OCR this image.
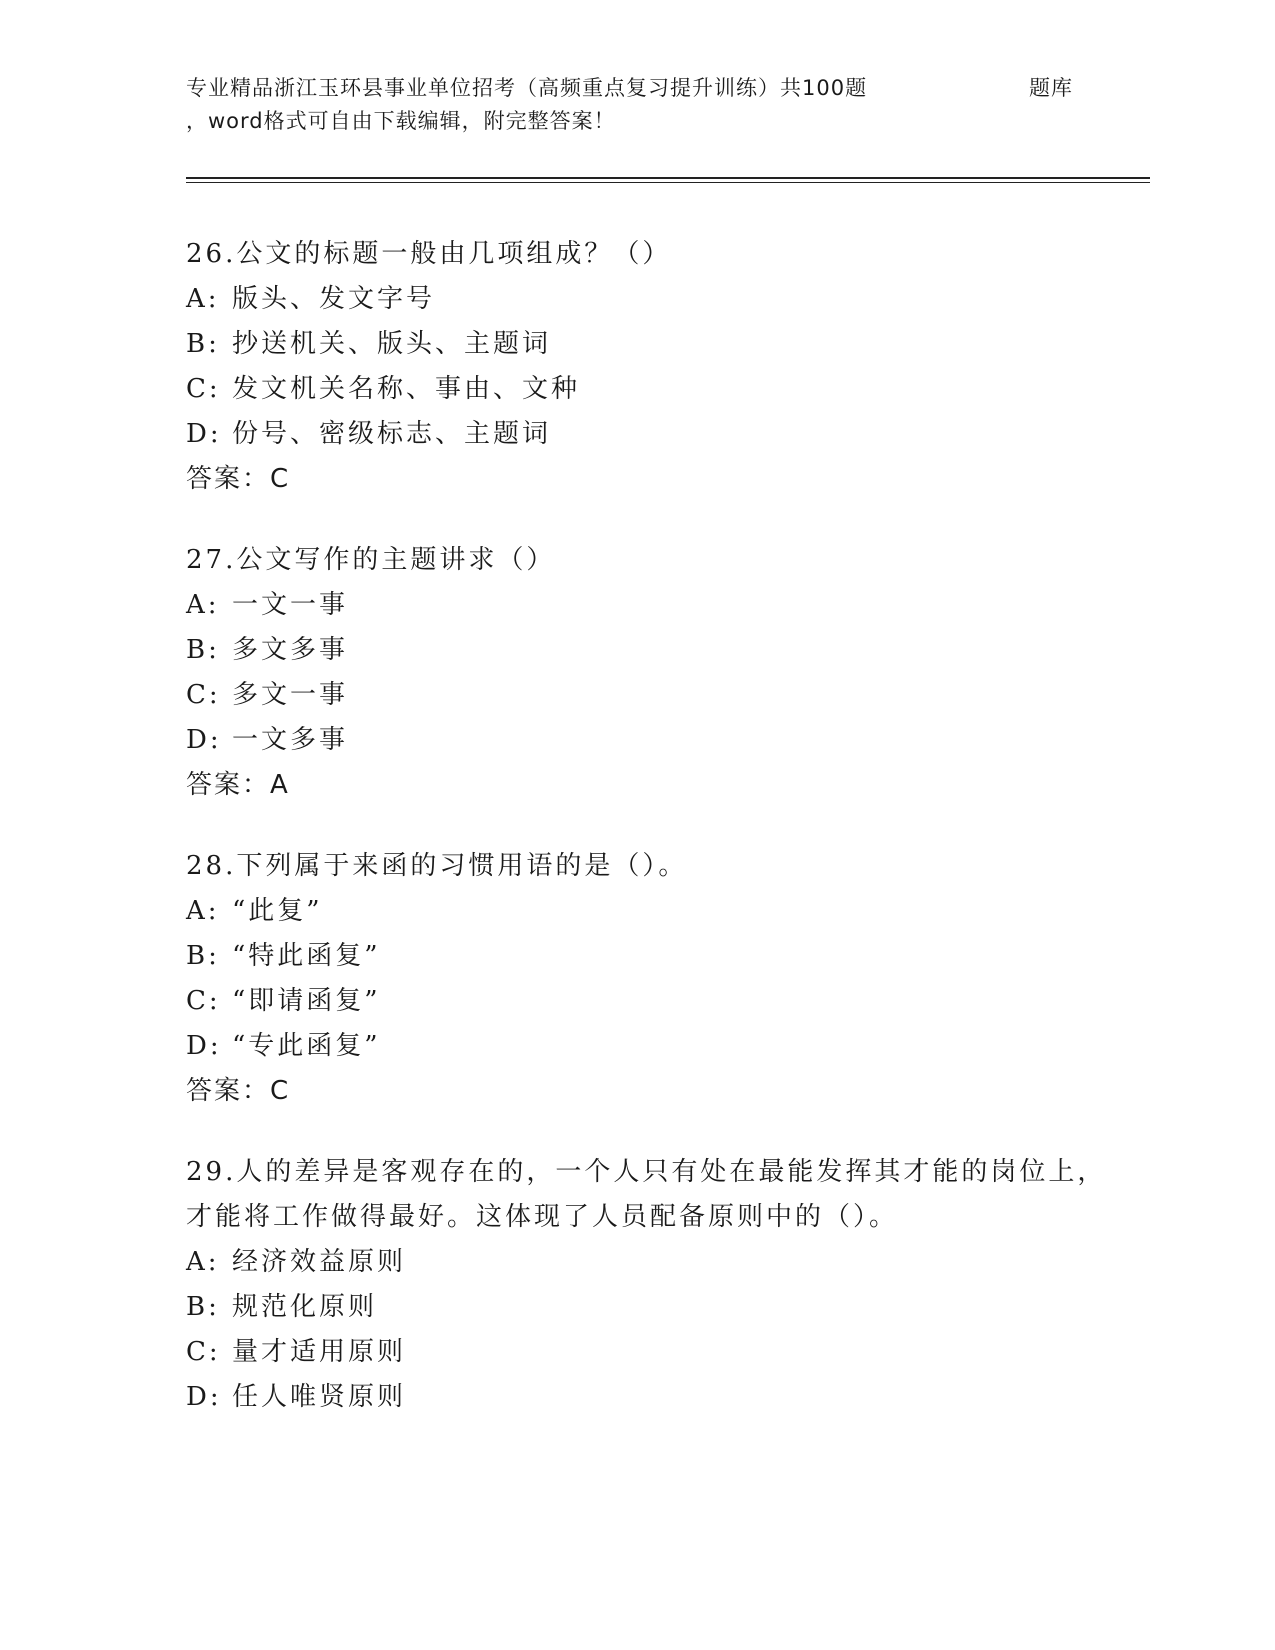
专业精品浙江玉环县事业单位招考（高频重点复习提升训练）共100题	题库
，word格式可自由下载编辑，附完整答案！

26.公文的标题一般由几项组成？（）

A: 版头、发文字号
B: 抄送机关、版头、主题词
C: 发文机关名称、事由、文种
D: 份号、密级标志、主题词
答案：C

27.公文写作的主题讲求（）

A: 一文一事
B: 多文多事
C: 多文一事
D: 一文多事
答案：A

28.下列属于来函的习惯用语的是（）。

A: “此复”
B: “特此函复”
C: “即请函复”
D: “专此函复”
答案：C

29.人的差异是客观存在的，一个人只有处在最能发挥其才能的岗位上，才能将工作做得最好。这体现了人员配备原则中的（）。

A: 经济效益原则
B: 规范化原则
C: 量才适用原则
D: 任人唯贤原则
